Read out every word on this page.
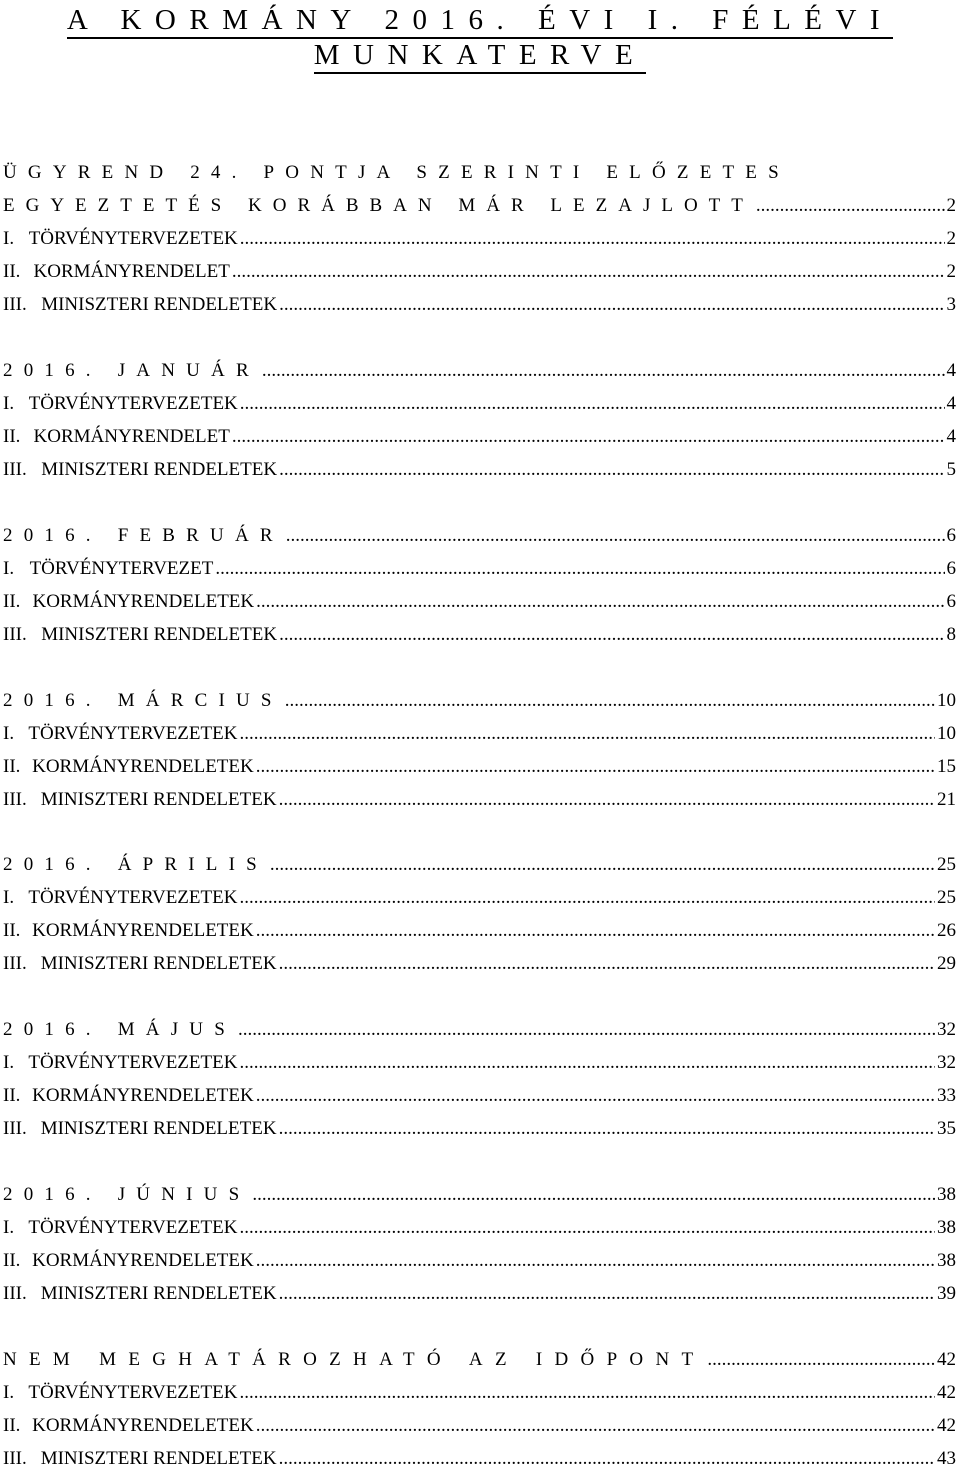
A KORMÁNY 2016. ÉVI I. FÉLÉVI
MUNKATERVE
ÜGYREND 24. PONTJA SZERINTI ELŐZETES
EGYEZTETÉS KORÁBBAN MÁR LEZAJLOTT .....	2
I. TÖRVÉNYTERVEZETEK .....	2
II. KORMÁNYRENDELET .....	2
III. MINISZTERI RENDELETEK .....	3
2016. JANUÁR .....	4
I. TÖRVÉNYTERVEZETEK .....	4
II. KORMÁNYRENDELET .....	4
III. MINISZTERI RENDELETEK .....	5
2016. FEBRUÁR .....	6
I. TÖRVÉNYTERVEZET .....	6
II. KORMÁNYRENDELETEK .....	6
III. MINISZTERI RENDELETEK .....	8
2016. MÁRCIUS .....	10
I. TÖRVÉNYTERVEZETEK .....	10
II. KORMÁNYRENDELETEK .....	15
III. MINISZTERI RENDELETEK .....	21
2016. ÁPRILIS .....	25
I. TÖRVÉNYTERVEZETEK .....	25
II. KORMÁNYRENDELETEK .....	26
III. MINISZTERI RENDELETEK .....	29
2016. MÁJUS .....	32
I. TÖRVÉNYTERVEZETEK .....	32
II. KORMÁNYRENDELETEK .....	33
III. MINISZTERI RENDELETEK .....	35
2016. JÚNIUS .....	38
I. TÖRVÉNYTERVEZETEK .....	38
II. KORMÁNYRENDELETEK .....	38
III. MINISZTERI RENDELETEK .....	39
NEM MEGHATÁROZHATÓ AZ IDŐPONT .....	42
I. TÖRVÉNYTERVEZETEK .....	42
II. KORMÁNYRENDELETEK .....	42
III. MINISZTERI RENDELETEK .....	43
